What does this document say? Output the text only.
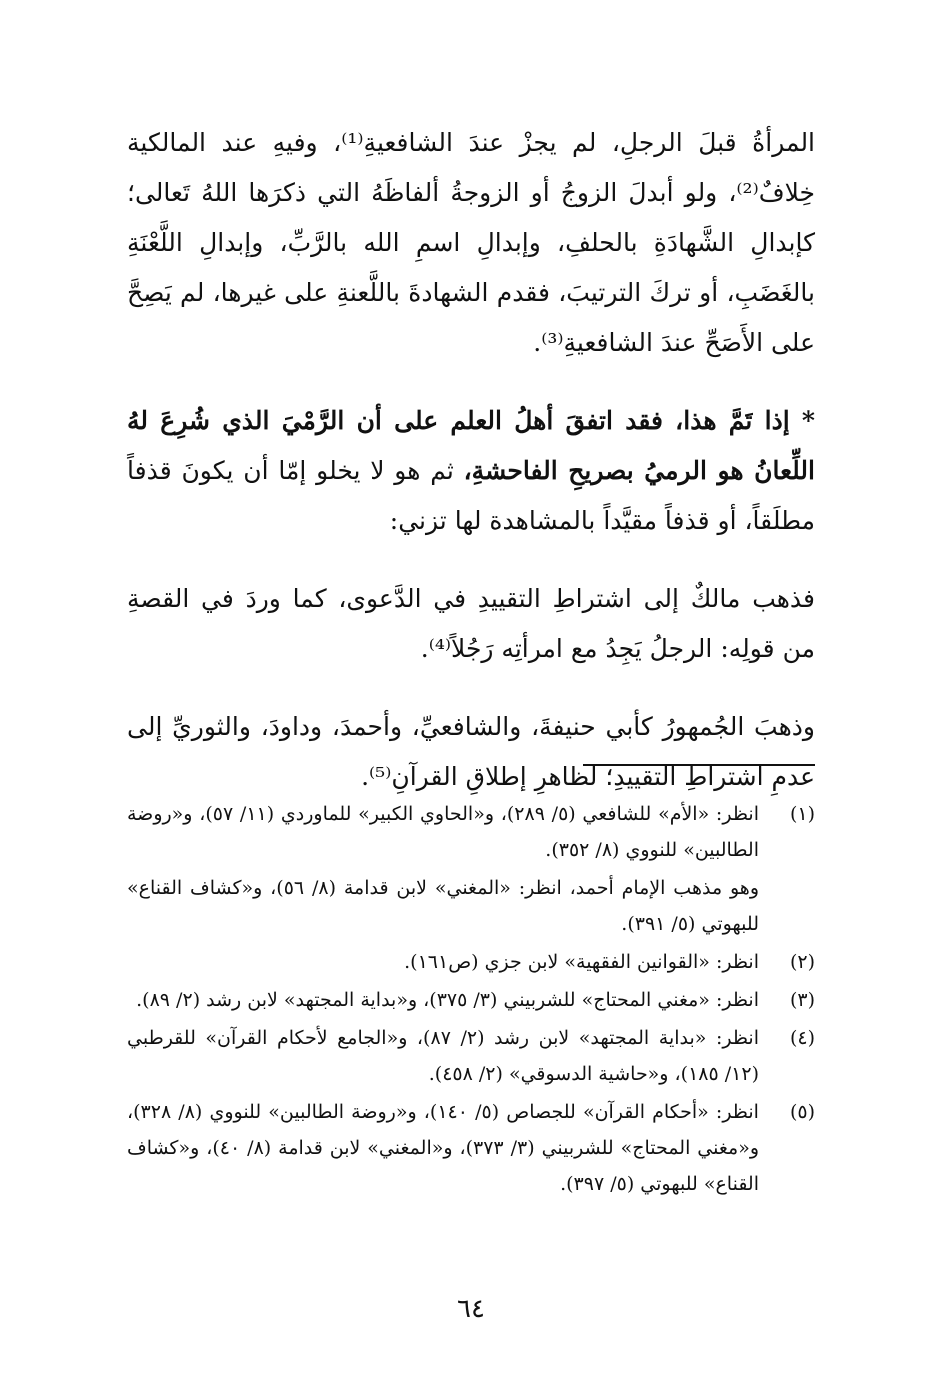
المرأةُ قبلَ الرجلِ، لم يجزْ عندَ الشافعيةِ⁽¹⁾، وفيهِ عند المالكية خِلافٌ⁽²⁾، ولو أبدلَ الزوجُ أو الزوجةُ ألفاظَهُ التي ذكرَها اللهُ تَعالى؛ كإبدالِ الشَّهادَةِ بالحلفِ، وإبدالِ اسمِ الله بالرَّبِّ، وإبدالِ اللَّعْنَةِ بالغَضَبِ، أو تركَ الترتيبَ، فقدم الشهادةَ باللَّعنةِ على غيرها، لم يَصِحَّ على الأَصَحِّ عندَ الشافعيةِ⁽³⁾.

* إذا تَمَّ هذا، فقد اتفقَ أهلُ العلم على أن الرَّمْيَ الذي شُرِعَ لهُ اللِّعانُ هو الرميُ بصريحِ الفاحشةِ، ثم هو لا يخلو إمّا أن يكونَ قذفاً مطلَقاً، أو قذفاً مقيَّداً بالمشاهدة لها تزني:

فذهب مالكٌ إلى اشتراطِ التقييدِ في الدَّعوى، كما وردَ في القصةِ من قولِه: الرجلُ يَجِدُ مع امرأتِه رَجُلاً⁽⁴⁾.

وذهبَ الجُمهورُ كأبي حنيفةَ، والشافعيِّ، وأحمدَ، وداودَ، والثوريِّ إلى عدمِ اشتراطِ التقييدِ؛ لظاهرِ إطلاقِ القرآنِ⁽⁵⁾.

(١)
انظر: «الأم» للشافعي (٥/ ٢٨٩)، و«الحاوي الكبير» للماوردي (١١/ ٥٧)، و«روضة الطالبين» للنووي (٨/ ٣٥٢).
وهو مذهب الإمام أحمد، انظر: «المغني» لابن قدامة (٨/ ٥٦)، و«كشاف القناع» للبهوتي (٥/ ٣٩١).
(٢)
انظر: «القوانين الفقهية» لابن جزي (ص١٦١).
(٣)
انظر: «مغني المحتاج» للشربيني (٣/ ٣٧٥)، و«بداية المجتهد» لابن رشد (٢/ ٨٩).
(٤)
انظر: «بداية المجتهد» لابن رشد (٢/ ٨٧)، و«الجامع لأحكام القرآن» للقرطبي (١٢/ ١٨٥)، و«حاشية الدسوقي» (٢/ ٤٥٨).
(٥)
انظر: «أحكام القرآن» للجصاص (٥/ ١٤٠)، و«روضة الطالبين» للنووي (٨/ ٣٢٨)، و«مغني المحتاج» للشربيني (٣/ ٣٧٣)، و«المغني» لابن قدامة (٨/ ٤٠)، و«كشاف القناع» للبهوتي (٥/ ٣٩٧).
٦٤
